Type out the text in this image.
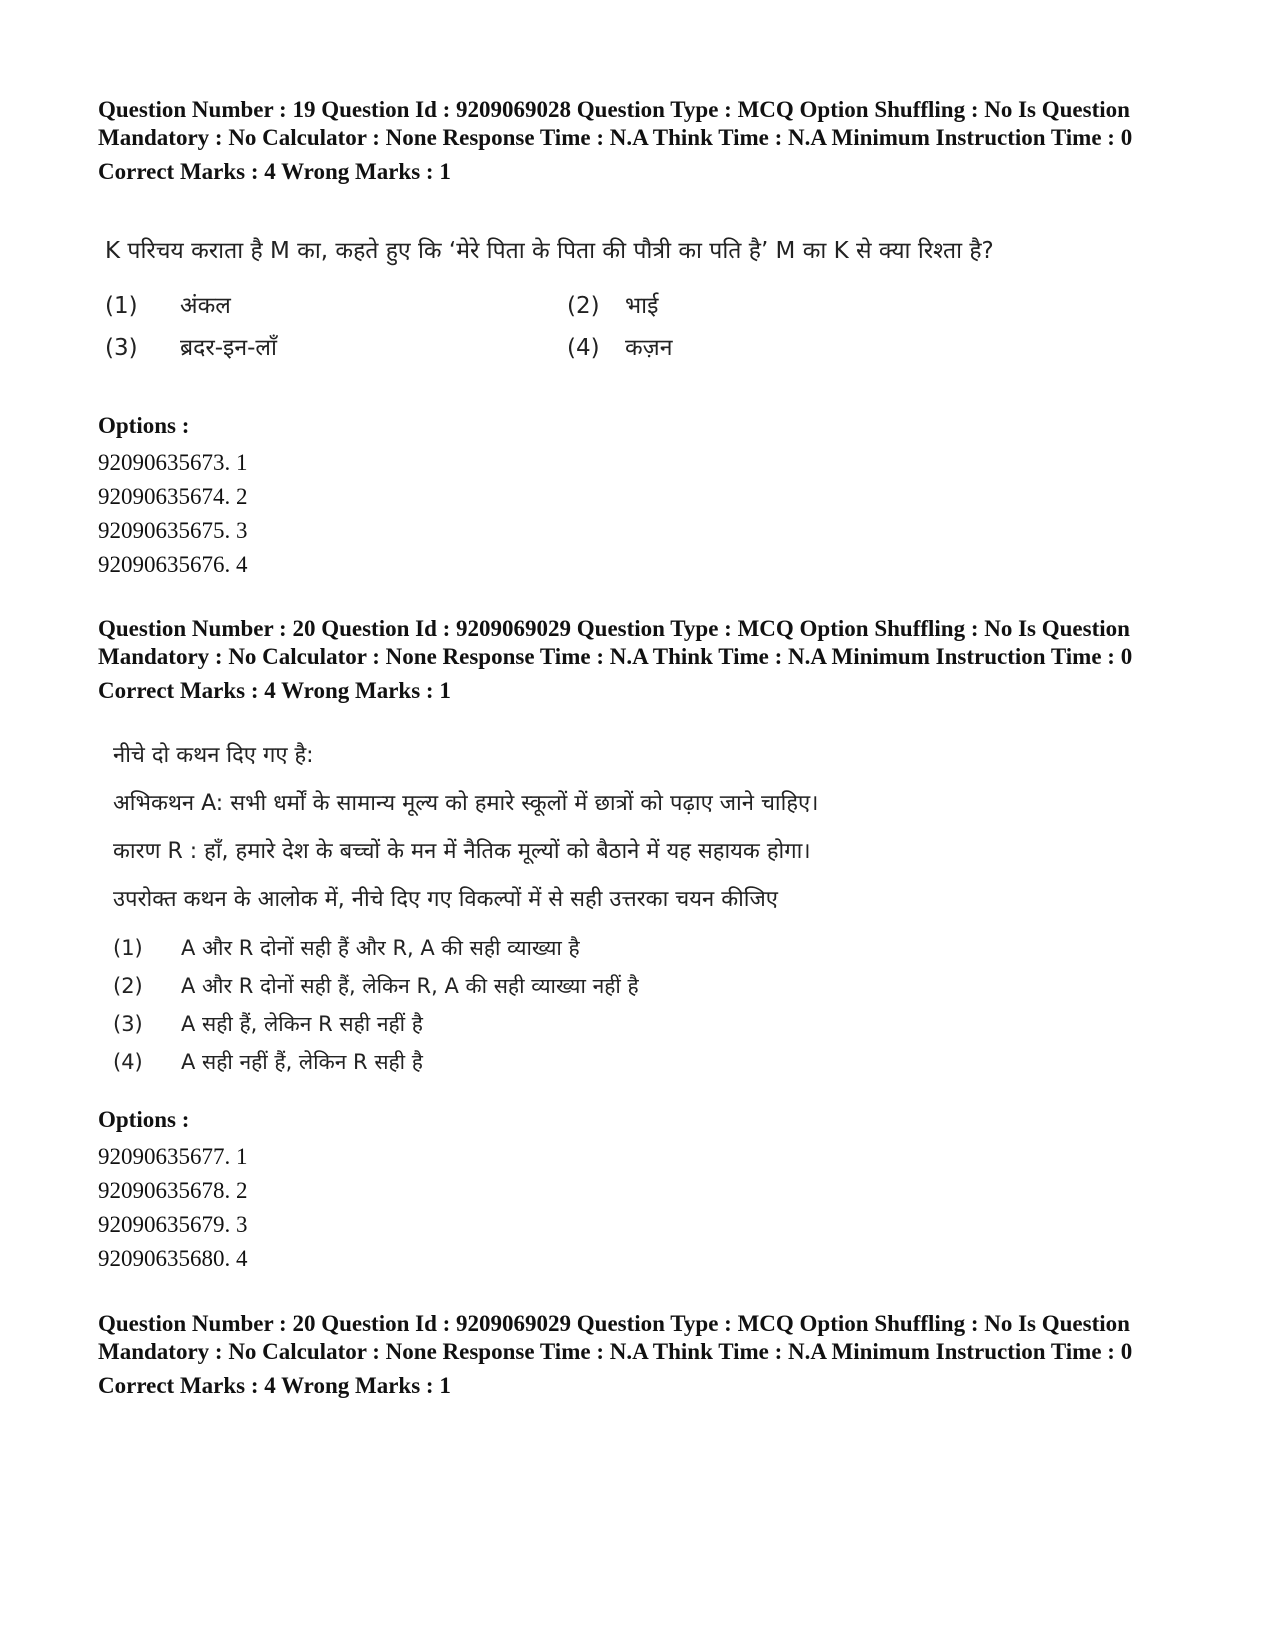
Question Number : 19 Question Id : 9209069028 Question Type : MCQ Option Shuffling : No Is Question Mandatory : No Calculator : None Response Time : N.A Think Time : N.A Minimum Instruction Time : 0

Correct Marks : 4 Wrong Marks : 1

K परिचय कराता है M का, कहते हुए कि ‘मेरे पिता के पिता की पौत्री का पति है’ M का K से क्या रिश्ता है?
(1) अंकल	(2) भाई
(3) ब्रदर-इन-लॉं	(4) कज़न

Options :

92090635673. 1
92090635674. 2
92090635675. 3
92090635676. 4

Question Number : 20 Question Id : 9209069029 Question Type : MCQ Option Shuffling : No Is Question Mandatory : No Calculator : None Response Time : N.A Think Time : N.A Minimum Instruction Time : 0

Correct Marks : 4 Wrong Marks : 1

नीचे दो कथन दिए गए है:

अभिकथन A: सभी धर्मों के सामान्य मूल्य को हमारे स्कूलों में छात्रों को पढ़ाए जाने चाहिए।

कारण R : हाँ, हमारे देश के बच्चों के मन में नैतिक मूल्यों को बैठाने में यह सहायक होगा।

उपरोक्त कथन के आलोक में, नीचे दिए गए विकल्पों में से सही उत्तरका चयन कीजिए

(1) A और R दोनों सही हैं और R, A की सही व्याख्या है
(2) A और R दोनों सही हैं, लेकिन R, A की सही व्याख्या नहीं है
(3) A सही हैं, लेकिन R सही नहीं है
(4) A सही नहीं हैं, लेकिन R सही है

Options :

92090635677. 1
92090635678. 2
92090635679. 3
92090635680. 4

Question Number : 20 Question Id : 9209069029 Question Type : MCQ Option Shuffling : No Is Question Mandatory : No Calculator : None Response Time : N.A Think Time : N.A Minimum Instruction Time : 0

Correct Marks : 4 Wrong Marks : 1
